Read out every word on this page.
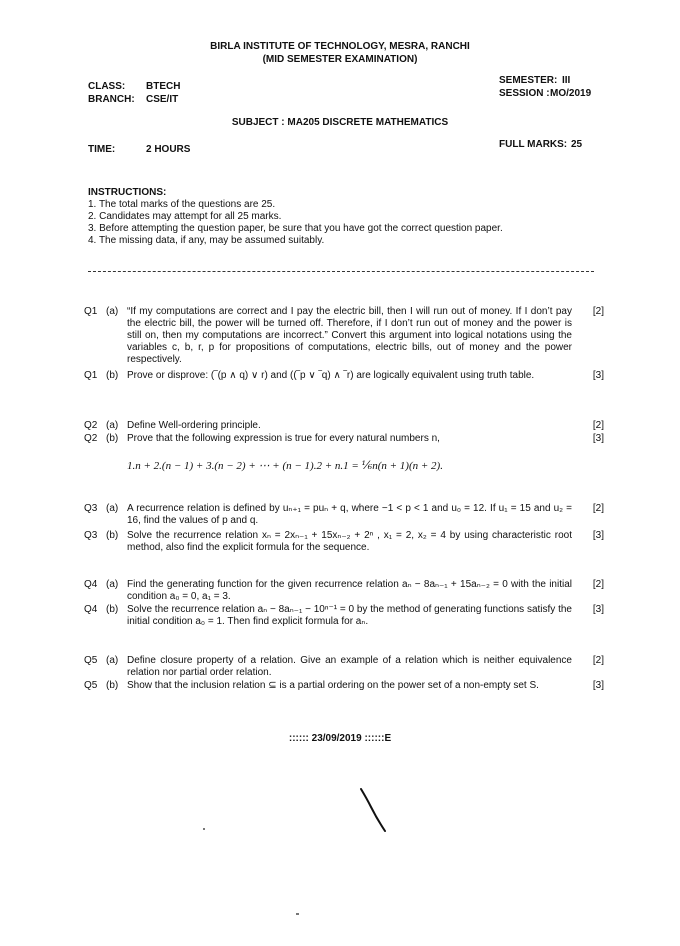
BIRLA INSTITUTE OF TECHNOLOGY, MESRA, RANCHI
(MID SEMESTER EXAMINATION)
CLASS: BTECH
BRANCH: CSE/IT
SEMESTER: III
SESSION : MO/2019
SUBJECT : MA205 DISCRETE MATHEMATICS
TIME:	2 HOURS	FULL MARKS: 25
INSTRUCTIONS:
1. The total marks of the questions are 25.
2. Candidates may attempt for all 25 marks.
3. Before attempting the question paper, be sure that you have got the correct question paper.
4. The missing data, if any, may be assumed suitably.
Q1 (a) “If my computations are correct and I pay the electric bill, then I will run out of money. If I don’t pay the electric bill, the power will be turned off. Therefore, if I don’t run out of money and the power is still on, then my computations are incorrect.” Convert this argument into logical notations using the variables c, b, r, p for propositions of computations, electric bills, out of money and the power respectively.
[2]
Q1 (b) Prove or disprove: (‾(p ∧ q) ∨ r) and ((‾p ∨ ‾q) ∧ ‾r) are logically equivalent using truth table.	[3]
Q2 (a) Define Well-ordering principle.	[2]
Q2 (b) Prove that the following expression is true for every natural numbers n,	[3]
1.n + 2.(n − 1) + 3.(n − 2) + ⋯ + (n − 1).2 + n.1 = ⅙n(n + 1)(n + 2).
Q3 (a) A recurrence relation is defined by uₙ₊₁ = puₙ + q, where −1 < p < 1 and u₀ = 12. If u₁ = 15 and u₂ = 16, find the values of p and q.
[2]
Q3 (b) Solve the recurrence relation xₙ = 2xₙ₋₁ + 15xₙ₋₂ + 2ⁿ , x₁ = 2, x₂ = 4 by using characteristic root method, also find the explicit formula for the sequence.
[3]
Q4 (a) Find the generating function for the given recurrence relation aₙ − 8aₙ₋₁ + 15aₙ₋₂ = 0 with the initial condition a₀ = 0, a₁ = 3.
[2]
Q4 (b) Solve the recurrence relation aₙ − 8aₙ₋₁ − 10ⁿ⁻¹ = 0 by the method of generating functions satisfy the initial condition a₀ = 1. Then find explicit formula for aₙ.
[3]
Q5 (a) Define closure property of a relation. Give an example of a relation which is neither equivalence relation nor partial order relation.
[2]
Q5 (b) Show that the inclusion relation ⊆ is a partial ordering on the power set of a non-empty set S.	[3]
:::::: 23/09/2019 ::::::E
